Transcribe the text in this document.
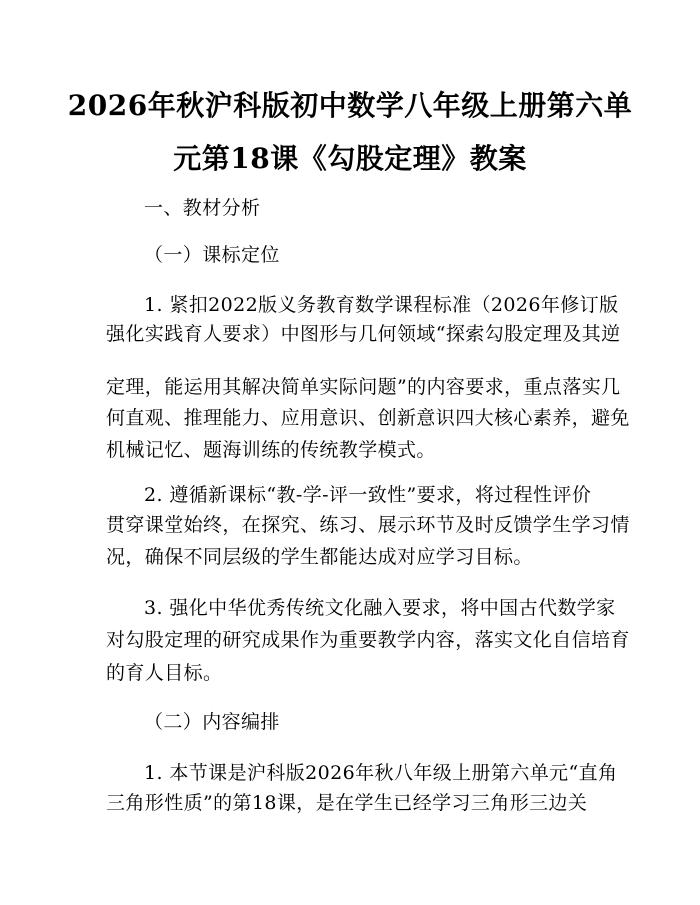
2026年秋沪科版初中数学八年级上册第六单
元第18课《勾股定理》教案
一、教材分析
（一）课标定位
1. 紧扣2022版义务教育数学课程标准（2026年修订版
强化实践育人要求）中图形与几何领域“探索勾股定理及其逆
定理，能运用其解决简单实际问题”的内容要求，重点落实几
何直观、推理能力、应用意识、创新意识四大核心素养，避免
机械记忆、题海训练的传统教学模式。
2. 遵循新课标“教-学-评一致性”要求，将过程性评价
贯穿课堂始终，在探究、练习、展示环节及时反馈学生学习情
况，确保不同层级的学生都能达成对应学习目标。
3. 强化中华优秀传统文化融入要求，将中国古代数学家
对勾股定理的研究成果作为重要教学内容，落实文化自信培育
的育人目标。
（二）内容编排
1. 本节课是沪科版2026年秋八年级上册第六单元“直角
三角形性质”的第18课，是在学生已经学习三角形三边关
